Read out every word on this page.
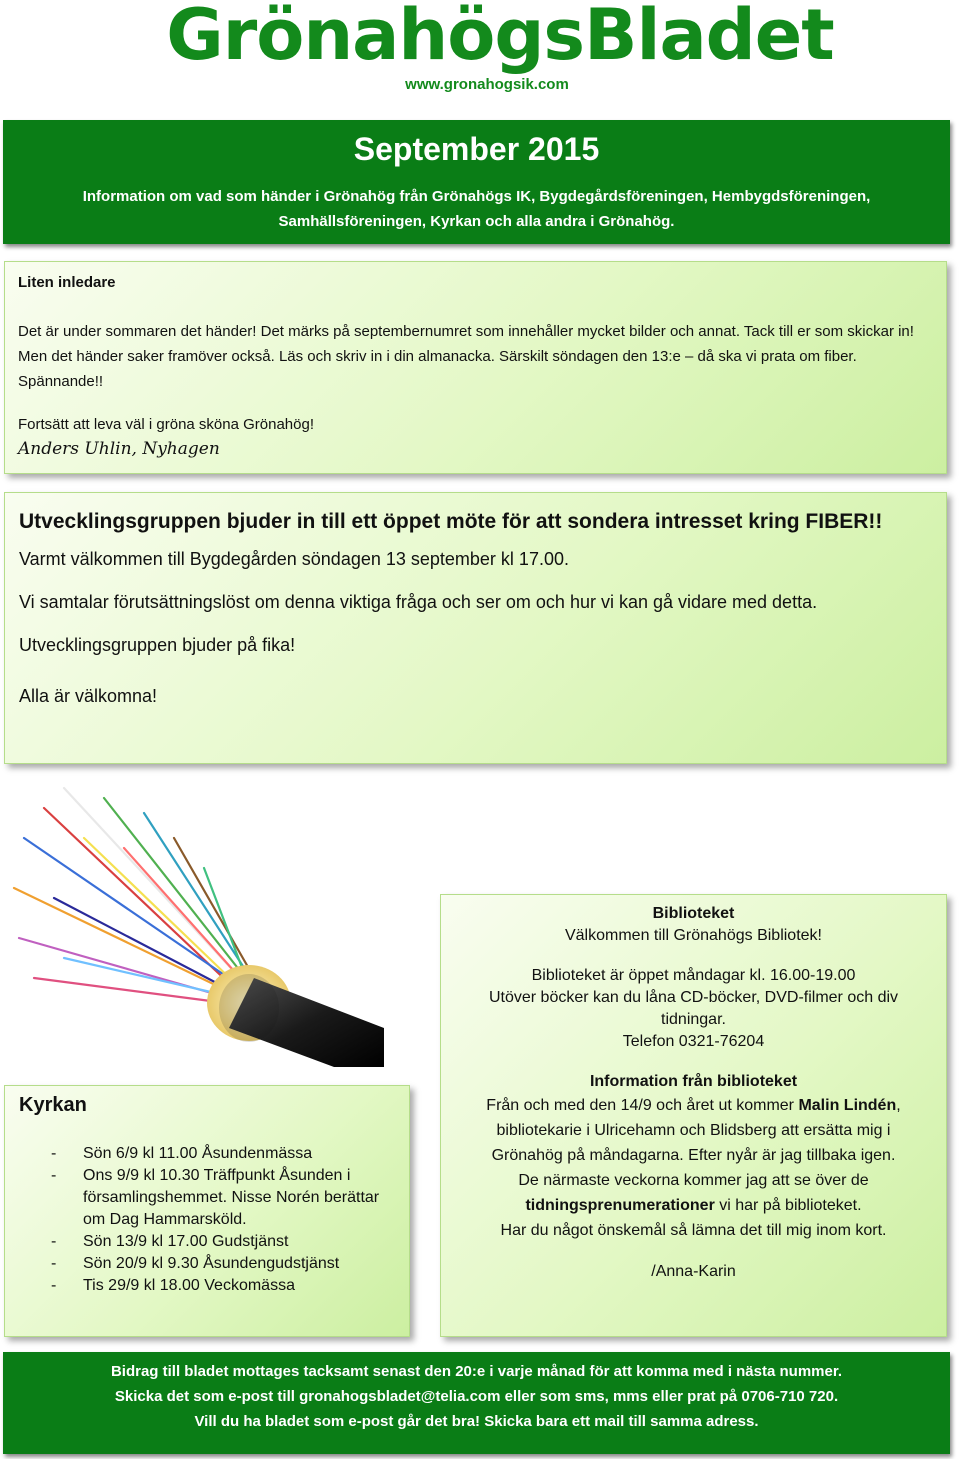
GrönahögsBladet
www.gronahogsik.com
September 2015
Information om vad som händer i Grönahög från Grönahögs IK, Bygdegårdsföreningen, Hembygdsföreningen, Samhällsföreningen, Kyrkan och alla andra i Grönahög.

Liten inledare

Det är under sommaren det händer! Det märks på septembernumret som innehåller mycket bilder och annat. Tack till er som skickar in! Men det händer saker framöver också. Läs och skriv in i din almanacka. Särskilt söndagen den 13:e – då ska vi prata om fiber. Spännande!!

Fortsätt att leva väl i gröna sköna Grönahög!

Anders Uhlin, Nyhagen

Utvecklingsgruppen bjuder in till ett öppet möte för att sondera intresset kring FIBER!!

Varmt välkommen till Bygdegården söndagen 13 september kl 17.00.

Vi samtalar förutsättningslöst om denna viktiga fråga och ser om och hur vi kan gå vidare med detta.

Utvecklingsgruppen bjuder på fika!

Alla är välkomna!

Kyrkan

- Sön 6/9 kl 11.00 Åsundenmässa
- Ons 9/9 kl 10.30 Träffpunkt Åsunden i församlingshemmet. Nisse Norén berättar om Dag Hammarsköld.
- Sön 13/9 kl 17.00 Gudstjänst
- Sön 20/9 kl 9.30 Åsundengudstjänst
- Tis 29/9 kl 18.00 Veckomässa

Biblioteket

Välkommen till Grönahögs Bibliotek!

Biblioteket är öppet måndagar kl. 16.00-19.00

Utöver böcker kan du låna CD-böcker, DVD-filmer och div tidningar.

Telefon 0321-76204

Information från biblioteket

Från och med den 14/9 och året ut kommer Malin Lindén, bibliotekarie i Ulricehamn och Blidsberg att ersätta mig i Grönahög på måndagarna. Efter nyår är jag tillbaka igen.

De närmaste veckorna kommer jag att se över de tidningsprenumerationer vi har på biblioteket.

Har du något önskemål så lämna det till mig inom kort.

/Anna-Karin

Bidrag till bladet mottages tacksamt senast den 20:e i varje månad för att komma med i nästa nummer.
Skicka det som e-post till gronahogsbladet@telia.com eller som sms, mms eller prat på 0706-710 720.
Vill du ha bladet som e-post går det bra! Skicka bara ett mail till samma adress.
